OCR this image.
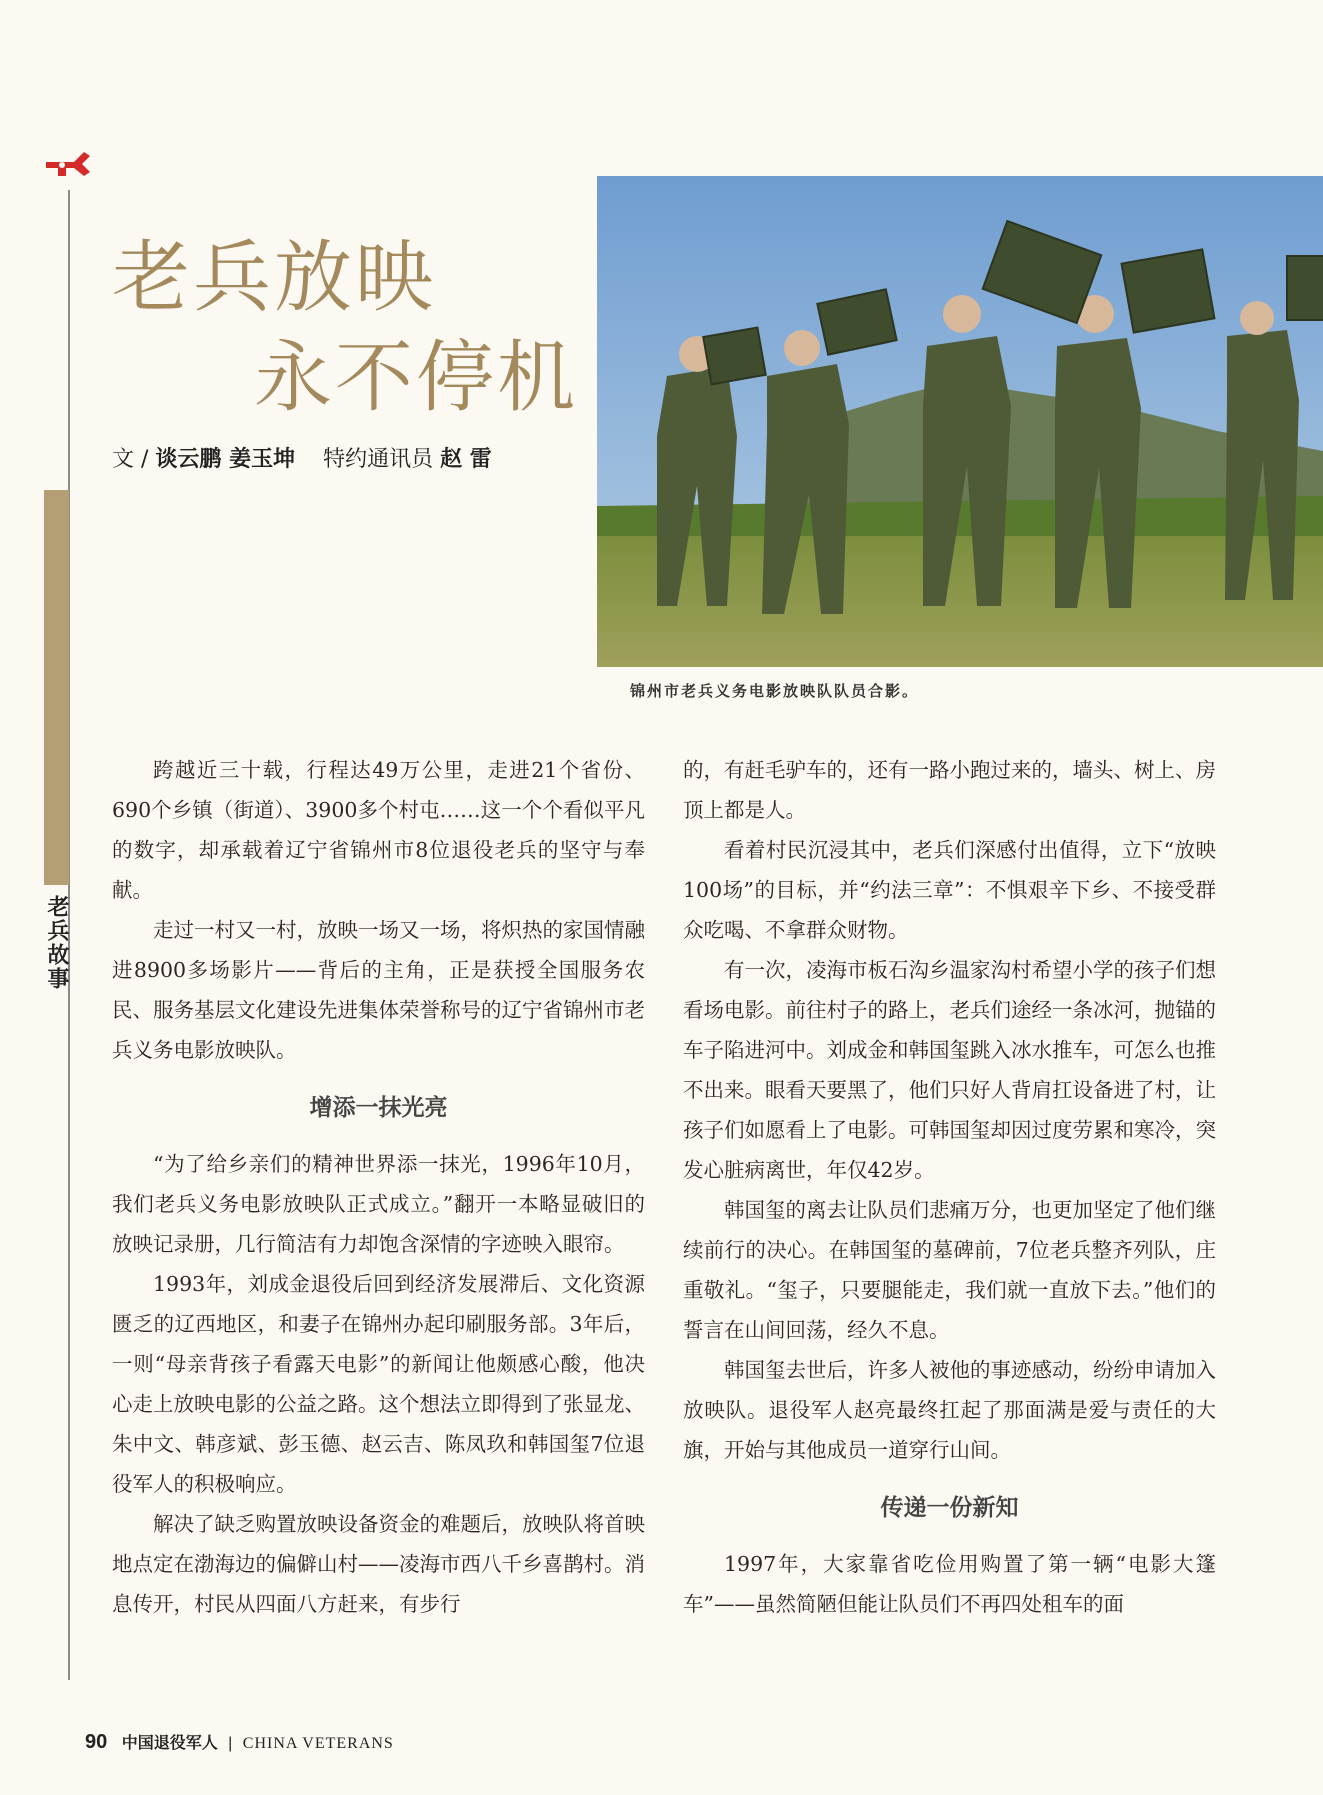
老兵故事
老兵放映
永不停机
文 / 谈云鹏 姜玉坤 特约通讯员 赵 雷
锦州市老兵义务电影放映队队员合影。

跨越近三十载，行程达49万公里，走进21个省份、690个乡镇（街道）、3900多个村屯……这一个个看似平凡的数字，却承载着辽宁省锦州市8位退役老兵的坚守与奉献。

走过一村又一村，放映一场又一场，将炽热的家国情融进8900多场影片——背后的主角，正是获授全国服务农民、服务基层文化建设先进集体荣誉称号的辽宁省锦州市老兵义务电影放映队。

增添一抹光亮

“为了给乡亲们的精神世界添一抹光，1996年10月，我们老兵义务电影放映队正式成立。”翻开一本略显破旧的放映记录册，几行简洁有力却饱含深情的字迹映入眼帘。

1993年，刘成金退役后回到经济发展滞后、文化资源匮乏的辽西地区，和妻子在锦州办起印刷服务部。3年后，一则“母亲背孩子看露天电影”的新闻让他颇感心酸，他决心走上放映电影的公益之路。这个想法立即得到了张显龙、朱中文、韩彦斌、彭玉德、赵云吉、陈凤玖和韩国玺7位退役军人的积极响应。

解决了缺乏购置放映设备资金的难题后，放映队将首映地点定在渤海边的偏僻山村——凌海市西八千乡喜鹊村。消息传开，村民从四面八方赶来，有步行

的，有赶毛驴车的，还有一路小跑过来的，墙头、树上、房顶上都是人。

看着村民沉浸其中，老兵们深感付出值得，立下“放映100场”的目标，并“约法三章”：不惧艰辛下乡、不接受群众吃喝、不拿群众财物。

有一次，凌海市板石沟乡温家沟村希望小学的孩子们想看场电影。前往村子的路上，老兵们途经一条冰河，抛锚的车子陷进河中。刘成金和韩国玺跳入冰水推车，可怎么也推不出来。眼看天要黑了，他们只好人背肩扛设备进了村，让孩子们如愿看上了电影。可韩国玺却因过度劳累和寒冷，突发心脏病离世，年仅42岁。

韩国玺的离去让队员们悲痛万分，也更加坚定了他们继续前行的决心。在韩国玺的墓碑前，7位老兵整齐列队，庄重敬礼。“玺子，只要腿能走，我们就一直放下去。”他们的誓言在山间回荡，经久不息。

韩国玺去世后，许多人被他的事迹感动，纷纷申请加入放映队。退役军人赵亮最终扛起了那面满是爱与责任的大旗，开始与其他成员一道穿行山间。

传递一份新知

1997年，大家靠省吃俭用购置了第一辆“电影大篷车”——虽然简陋但能让队员们不再四处租车的面

90 中国退役军人 | CHINA VETERANS
